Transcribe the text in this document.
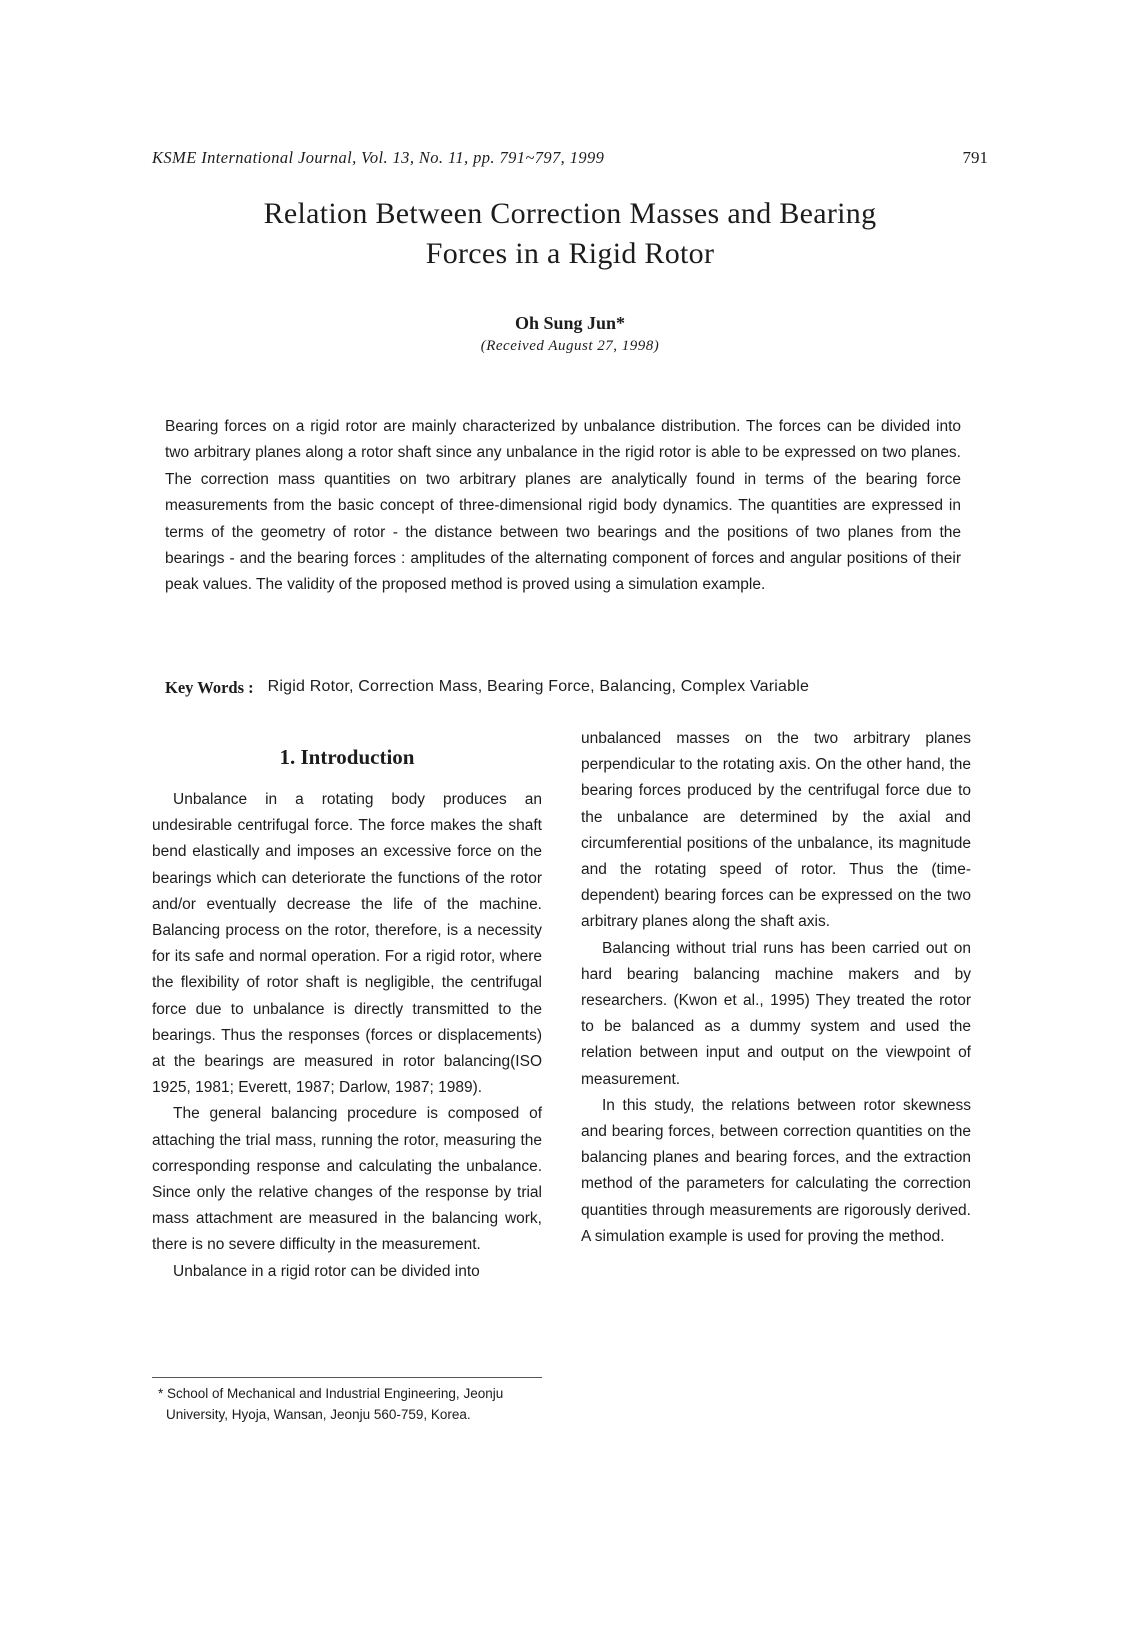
KSME International Journal, Vol. 13, No. 11, pp. 791~797, 1999	791
Relation Between Correction Masses and Bearing
Forces in a Rigid Rotor
Oh Sung Jun*
(Received August 27, 1998)

Bearing forces on a rigid rotor are mainly characterized by unbalance distribution. The forces can be divided into two arbitrary planes along a rotor shaft since any unbalance in the rigid rotor is able to be expressed on two planes. The correction mass quantities on two arbitrary planes are analytically found in terms of the bearing force measurements from the basic concept of three-dimensional rigid body dynamics. The quantities are expressed in terms of the geometry of rotor - the distance between two bearings and the positions of two planes from the bearings - and the bearing forces : amplitudes of the alternating component of forces and angular positions of their peak values. The validity of the proposed method is proved using a simulation example.

Key Words : Rigid Rotor, Correction Mass, Bearing Force, Balancing, Complex Variable
1. Introduction

Unbalance in a rotating body produces an undesirable centrifugal force. The force makes the shaft bend elastically and imposes an excessive force on the bearings which can deteriorate the functions of the rotor and/or eventually decrease the life of the machine. Balancing process on the rotor, therefore, is a necessity for its safe and normal operation. For a rigid rotor, where the flexibility of rotor shaft is negligible, the centrifugal force due to unbalance is directly transmitted to the bearings. Thus the responses (forces or displacements) at the bearings are measured in rotor balancing(ISO 1925, 1981; Everett, 1987; Darlow, 1987; 1989).

The general balancing procedure is composed of attaching the trial mass, running the rotor, measuring the corresponding response and calculating the unbalance. Since only the relative changes of the response by trial mass attachment are measured in the balancing work, there is no severe difficulty in the measurement.

Unbalance in a rigid rotor can be divided into

unbalanced masses on the two arbitrary planes perpendicular to the rotating axis. On the other hand, the bearing forces produced by the centrifugal force due to the unbalance are determined by the axial and circumferential positions of the unbalance, its magnitude and the rotating speed of rotor. Thus the (time-dependent) bearing forces can be expressed on the two arbitrary planes along the shaft axis.

Balancing without trial runs has been carried out on hard bearing balancing machine makers and by researchers. (Kwon et al., 1995) They treated the rotor to be balanced as a dummy system and used the relation between input and output on the viewpoint of measurement.

In this study, the relations between rotor skewness and bearing forces, between correction quantities on the balancing planes and bearing forces, and the extraction method of the parameters for calculating the correction quantities through measurements are rigorously derived. A simulation example is used for proving the method.

* School of Mechanical and Industrial Engineering, Jeonju University, Hyoja, Wansan, Jeonju 560-759, Korea.
